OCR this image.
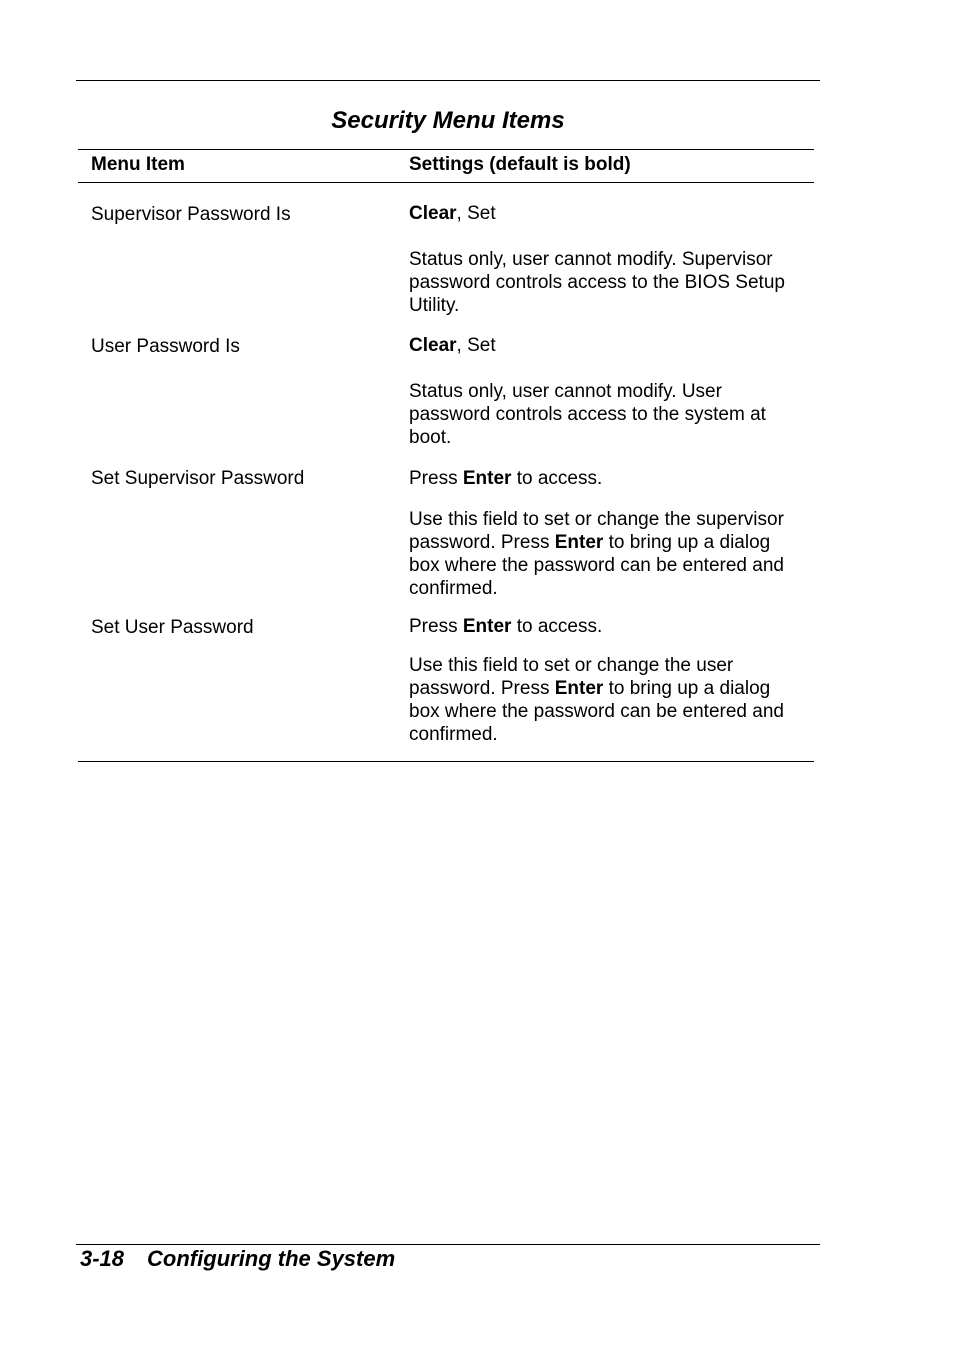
Security Menu Items
Menu Item	Settings (default is bold)
Supervisor Password Is	Clear, Set
Status only, user cannot modify. Supervisor
password controls access to the BIOS Setup
Utility.
User Password Is	Clear, Set
Status only, user cannot modify. User
password controls access to the system at
boot.
Set Supervisor Password	Press Enter to access.
Use this field to set or change the supervisor
password. Press Enter to bring up a dialog
box where the password can be entered and
confirmed.
Set User Password	Press Enter to access.
Use this field to set or change the user
password. Press Enter to bring up a dialog
box where the password can be entered and
confirmed.
3-18 Configuring the System
